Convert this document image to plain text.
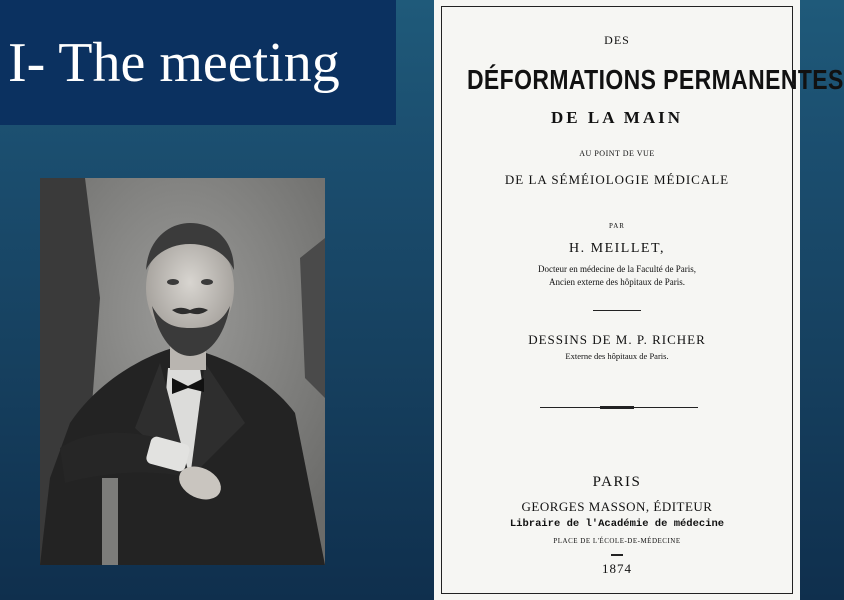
I- The meeting	DES
DÉFORMATIONS PERMANENTES
DE LA MAIN
AU POINT DE VUE
DE LA SÉMÉIOLOGIE MÉDICALE
PAR
H. MEILLET,
Docteur en médecine de la Faculté de Paris,
Ancien externe des hôpitaux de Paris.
DESSINS DE M. P. RICHER
Externe des hôpitaux de Paris.
PARIS
GEORGES MASSON, ÉDITEUR
Libraire de l'Académie de médecine
PLACE DE L'ÉCOLE-DE-MÉDECINE
1874
